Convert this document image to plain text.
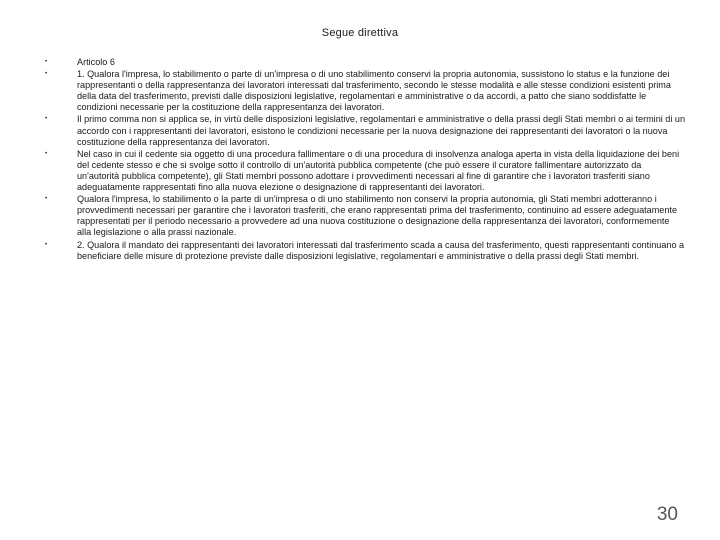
Segue direttiva
•	Articolo 6
•	1. Qualora l'impresa, lo stabilimento o parte di un'impresa o di uno stabilimento conservi la propria autonomia, sussistono lo status e la funzione dei rappresentanti o della rappresentanza dei lavoratori interessati dal trasferimento, secondo le stesse modalità e alle stesse condizioni esistenti prima della data del trasferimento, previsti dalle disposizioni legislative, regolamentari e amministrative o da accordi, a patto che siano soddisfatte le condizioni necessarie per la costituzione della rappresentanza dei lavoratori.
•	Il primo comma non si applica se, in virtù delle disposizioni legislative, regolamentari e amministrative o della prassi degli Stati membri o ai termini di un accordo con i rappresentanti dei lavoratori, esistono le condizioni necessarie per la nuova designazione dei rappresentanti dei lavoratori o la nuova costituzione della rappresentanza dei lavoratori.
•	Nel caso in cui il cedente sia oggetto di una procedura fallimentare o di una procedura di insolvenza analoga aperta in vista della liquidazione dei beni del cedente stesso e che si svolge sotto il controllo di un'autorità pubblica competente (che può essere il curatore fallimentare autorizzato da un'autorità pubblica competente), gli Stati membri possono adottare i provvedimenti necessari al fine di garantire che i lavoratori trasferiti siano adeguatamente rappresentati fino alla nuova elezione o designazione di rappresentanti dei lavoratori.
•	Qualora l'impresa, lo stabilimento o la parte di un'impresa o di uno stabilimento non conservi la propria autonomia, gli Stati membri adotteranno i provvedimenti necessari per garantire che i lavoratori trasferiti, che erano rappresentati prima del trasferimento, continuino ad essere adeguatamente rappresentati per il periodo necessario a provvedere ad una nuova costituzione o designazione della rappresentanza dei lavoratori, conformemente alla legislazione o alla prassi nazionale.
•	2. Qualora il mandato dei rappresentanti dei lavoratori interessati dal trasferimento scada a causa del trasferimento, questi rappresentanti continuano a beneficiare delle misure di protezione previste dalle disposizioni legislative, regolamentari e amministrative o della prassi degli Stati membri.
30
